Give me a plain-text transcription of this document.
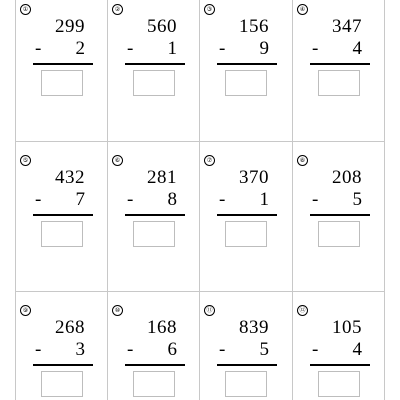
①
299
- 2
②
560
- 1
③
156
- 9
④
347
- 4
⑤
432
- 7
⑥
281
- 8
⑦
370
- 1
⑧
208
- 5
⑨
268
- 3
⑩
168
- 6
⑪
839
- 5
⑫
105
- 4
